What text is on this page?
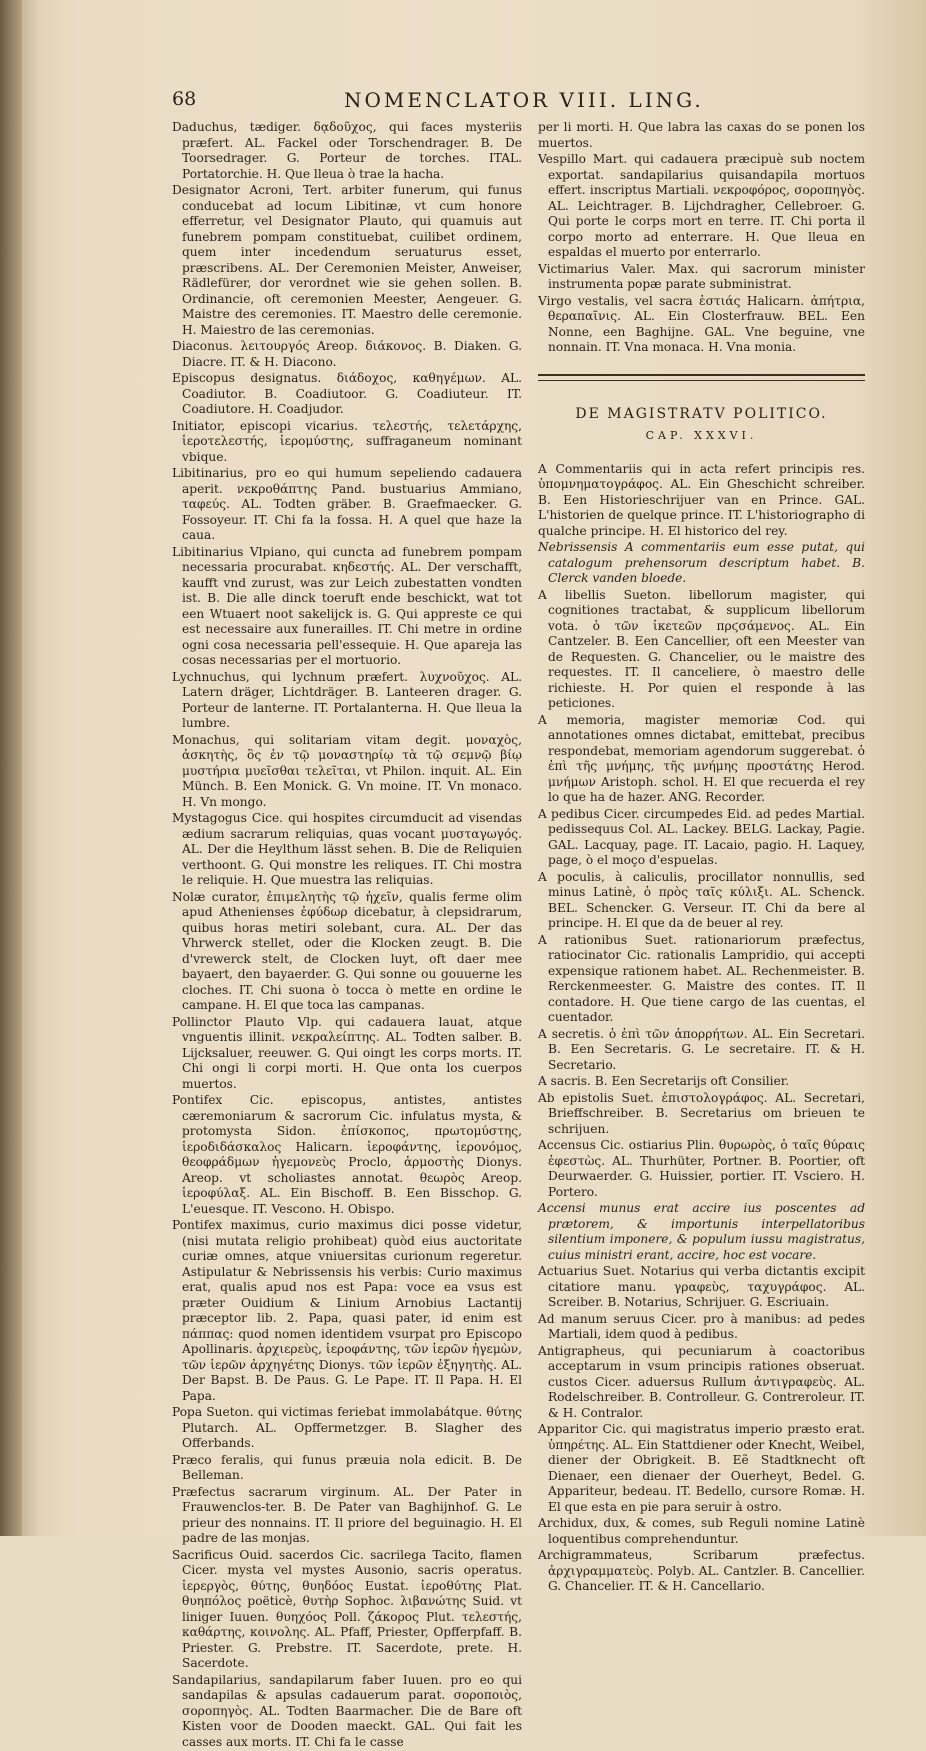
68	NOMENCLATOR VIII. LING.

Daduchus, tædiger. δᾳδοῦχος, qui faces mysteriis præfert. AL. Fackel oder Torschendrager. B. De Toorsedrager. G. Porteur de torches. ITAL. Portatorchie. H. Que lleua ò trae la hacha.

Designator Acroni, Tert. arbiter funerum, qui funus conducebat ad locum Libitinæ, vt cum honore efferretur, vel Designator Plauto, qui quamuis aut funebrem pompam constituebat, cuilibet ordinem, quem inter incedendum seruaturus esset, præscribens. AL. Der Ceremonien Meister, Anweiser, Rädlefürer, dor verordnet wie sie gehen sollen. B. Ordinancie, oft ceremonien Meester, Aengeuer. G. Maistre des ceremonies. IT. Maestro delle ceremonie. H. Maiestro de las ceremonias.

Diaconus. λειτουργός Areop. διάκονος. B. Diaken. G. Diacre. IT. & H. Diacono.

Episcopus designatus. διάδοχος, καθηγέμων. AL. Coadiutor. B. Coadiutoor. G. Coadiuteur. IT. Coadiutore. H. Coadjudor.

Initiator, episcopi vicarius. τελεστής, τελετάρχης, ἱεροτελεστής, ἱερομύστης, suffraganeum nominant vbique.

Libitinarius, pro eo qui humum sepeliendo cadauera aperit. νεκροθάπτης Pand. bustuarius Ammiano, ταφεύς. AL. Todten gräber. B. Graefmaecker. G. Fossoyeur. IT. Chi fa la fossa. H. A quel que haze la caua.

Libitinarius Vlpiano, qui cuncta ad funebrem pompam necessaria procurabat. κηδεστής. AL. Der verschafft, kaufft vnd zurust, was zur Leich zubestatten vondten ist. B. Die alle dinck toeruft ende beschickt, wat tot een Wtuaert noot sakelijck is. G. Qui appreste ce qui est necessaire aux funerailles. IT. Chi metre in ordine ogni cosa necessaria pell'essequie. H. Que apareja las cosas necessarias per el mortuorio.

Lychnuchus, qui lychnum præfert. λυχνοῦχος. AL. Latern dräger, Lichtdräger. B. Lanteeren drager. G. Porteur de lanterne. IT. Portalanterna. H. Que lleua la lumbre.

Monachus, qui solitariam vitam degit. μοναχὸς, ἀσκητὴς, ὃς ἐν τῷ μοναστηρίῳ τὰ τῷ σεμνῷ βίῳ μυστήρια μυεῖσθαι τελεῖται, vt Philon. inquit. AL. Ein Münch. B. Een Monick. G. Vn moine. IT. Vn monaco. H. Vn mongo.

Mystagogus Cice. qui hospites circumducit ad visendas ædium sacrarum reliquias, quas vocant μυσταγωγός. AL. Der die Heylthum lässt sehen. B. Die de Reliquien verthoont. G. Qui monstre les reliques. IT. Chi mostra le reliquie. H. Que muestra las reliquias.

Nolæ curator, ἐπιμελητὴς τῷ ἠχεῖν, qualis ferme olim apud Athenienses ἐφύδωρ dicebatur, à clepsidrarum, quibus horas metiri solebant, cura. AL. Der das Vhrwerck stellet, oder die Klocken zeugt. B. Die d'vrewerck stelt, de Clocken luyt, oft daer mee bayaert, den bayaerder. G. Qui sonne ou gouuerne les cloches. IT. Chi suona ò tocca ò mette en ordine le campane. H. El que toca las campanas.

Pollinctor Plauto Vlp. qui cadauera lauat, atque vnguentis illinit. νεκραλείπτης. AL. Todten salber. B. Lijcksaluer, reeuwer. G. Qui oingt les corps morts. IT. Chi ongi li corpi morti. H. Que onta los cuerpos muertos.

Pontifex Cic. episcopus, antistes, antistes cæremoniarum & sacrorum Cic. infulatus mysta, & protomysta Sidon. ἐπίσκοπος, πρωτομύστης, ἱεροδιδάσκαλος Halicarn. ἱεροφάντης, ἱερονόμος, θεοφράδμων ἡγεμονεὺς Proclo, ἁρμοστὴς Dionys. Areop. vt scholiastes annotat. θεωρὸς Areop. ἱεροφύλαξ. AL. Ein Bischoff. B. Een Bisschop. G. L'euesque. IT. Vescono. H. Obispo.

Pontifex maximus, curio maximus dici posse videtur, (nisi mutata religio prohibeat) quòd eius auctoritate curiæ omnes, atque vniuersitas curionum regeretur. Astipulatur & Nebrissensis his verbis: Curio maximus erat, qualis apud nos est Papa: voce ea vsus est præter Ouidium & Linium Arnobius Lactantij præceptor lib. 2. Papa, quasi pater, id enim est πάππας: quod nomen identidem vsurpat pro Episcopo Apollinaris. ἀρχιερεὺς, ἱεροφάντης, τῶν ἱερῶν ἡγεμὼν, τῶν ἱερῶν ἀρχηγέτης Dionys. τῶν ἱερῶν ἐξηγητὴς. AL. Der Bapst. B. De Paus. G. Le Pape. IT. Il Papa. H. El Papa.

Popa Sueton. qui victimas feriebat immolabátque. θύτης Plutarch. AL. Opffermetzger. B. Slagher des Offerbands.

Præco feralis, qui funus præuia nola edicit. B. De Belleman.

Præfectus sacrarum virginum. AL. Der Pater in Frauwenclos-ter. B. De Pater van Baghijnhof. G. Le prieur des nonnains. IT. Il priore del beguinagio. H. El padre de las monjas.

Sacrificus Ouid. sacerdos Cic. sacrilega Tacito, flamen Cicer. mysta vel mystes Ausonio, sacris operatus. ἱερεργὸς, θύτης, θυηδόος Eustat. ἱεροθύτης Plat. θυηπόλος poëticè, θυτὴρ Sophoc. λιβανώτης Suid. vt liniger Iuuen. θυηχόος Poll. ζάκορος Plut. τελεστής, καθάρτης, κοινολης. AL. Pfaff, Priester, Opfferpfaff. B. Priester. G. Prebstre. IT. Sacerdote, prete. H. Sacerdote.

Sandapilarius, sandapilarum faber Iuuen. pro eo qui sandapilas & apsulas cadauerum parat. σοροποιὸς, σοροπηγὸς. AL. Todten Baarmacher. Die de Bare oft Kisten voor de Dooden maeckt. GAL. Qui fait les casses aux morts. IT. Chi fa le casse

per li morti. H. Que labra las caxas do se ponen los muertos.

Vespillo Mart. qui cadauera præcipuè sub noctem exportat. sandapilarius quisandapila mortuos effert. inscriptus Martiali. νεκροφόρος, σοροπηγὸς. AL. Leichtrager. B. Lijchdragher, Cellebroer. G. Qui porte le corps mort en terre. IT. Chi porta il corpo morto ad enterrare. H. Que lleua en espaldas el muerto por enterrarlo.

Victimarius Valer. Max. qui sacrorum minister instrumenta popæ parate subministrat.

Virgo vestalis, vel sacra ἑστιάς Halicarn. ἀπήτρια, θεραπαῖνις. AL. Ein Closterfrauw. BEL. Een Nonne, een Baghijne. GAL. Vne beguine, vne nonnain. IT. Vna monaca. H. Vna monia.

DE MAGISTRATV POLITICO.
CAP. XXXVI.

A Commentariis qui in acta refert principis res. ὑπομνηματογράφος. AL. Ein Gheschicht schreiber. B. Een Historieschrijuer van en Prince. GAL. L'historien de quelque prince. IT. L'historiographo di qualche principe. H. El historico del rey.

Nebrissensis A commentariis eum esse putat, qui catalogum prehensorum descriptum habet. B. Clerck vanden bloede.

A libellis Sueton. libellorum magister, qui cognitiones tractabat, & supplicum libellorum vota. ὁ τῶν ἱκετεῶν πρϛσάμενος. AL. Ein Cantzeler. B. Een Cancellier, oft een Meester van de Requesten. G. Chancelier, ou le maistre des requestes. IT. Il canceliere, ò maestro delle richieste. H. Por quien el responde à las peticiones.

A memoria, magister memoriæ Cod. qui annotationes omnes dictabat, emittebat, precibus respondebat, memoriam agendorum suggerebat. ὁ ἐπὶ τῆς μνήμης, τῆς μνήμης προστάτης Herod. μνήμων Aristoph. schol. H. El que recuerda el rey lo que ha de hazer. ANG. Recorder.

A pedibus Cicer. circumpedes Eid. ad pedes Martial. pedissequus Col. AL. Lackey. BELG. Lackay, Pagie. GAL. Lacquay, page. IT. Lacaio, pagio. H. Laquey, page, ò el moço d'espuelas.

A poculis, à caliculis, procillator nonnullis, sed minus Latinè, ὁ πρὸς ταῖς κύλιξι. AL. Schenck. BEL. Schencker. G. Verseur. IT. Chi da bere al principe. H. El que da de beuer al rey.

A rationibus Suet. rationariorum præfectus, ratiocinator Cic. rationalis Lampridio, qui accepti expensique rationem habet. AL. Rechenmeister. B. Rerckenmeester. G. Maistre des contes. IT. Il contadore. H. Que tiene cargo de las cuentas, el cuentador.

A secretis. ὁ ἐπὶ τῶν ἀπορρήτων. AL. Ein Secretari. B. Een Secretaris. G. Le secretaire. IT. & H. Secretario.

A sacris. B. Een Secretarijs oft Consilier.

Ab epistolis Suet. ἐπιστολογράφος. AL. Secretari, Brieffschreiber. B. Secretarius om brieuen te schrijuen.

Accensus Cic. ostiarius Plin. θυρωρὸς, ὁ ταῖς θύραις ἐφεστὼς. AL. Thurhüter, Portner. B. Poortier, oft Deurwaerder. G. Huissier, portier. IT. Vsciero. H. Portero.

Accensi munus erat accire ius poscentes ad prætorem, & importunis interpellatoribus silentium imponere, & populum iussu magistratus, cuius ministri erant, accire, hoc est vocare.

Actuarius Suet. Notarius qui verba dictantis excipit citatiore manu. γραφεὺς, ταχυγράφος. AL. Screiber. B. Notarius, Schrijuer. G. Escriuain.

Ad manum seruus Cicer. pro à manibus: ad pedes Martiali, idem quod à pedibus.

Antigrapheus, qui pecuniarum à coactoribus acceptarum in vsum principis rationes obseruat. custos Cicer. aduersus Rullum ἀντιγραφεὺς. AL. Rodelschreiber. B. Controlleur. G. Contreroleur. IT. & H. Contralor.

Apparitor Cic. qui magistratus imperio præsto erat. ὑπηρέτης. AL. Ein Stattdiener oder Knecht, Weibel, diener der Obrigkeit. B. Eẽ Stadtknecht oft Dienaer, een dienaer der Ouerheyt, Bedel. G. Appariteur, bedeau. IT. Bedello, cursore Romæ. H. El que esta en pie para seruir à ostro.

Archidux, dux, & comes, sub Reguli nomine Latinè loquentibus comprehenduntur.

Archigrammateus, Scribarum præfectus. ἀρχιγραμματεὺς. Polyb. AL. Cantzler. B. Cancellier. G. Chancelier. IT. & H. Cancellario.
